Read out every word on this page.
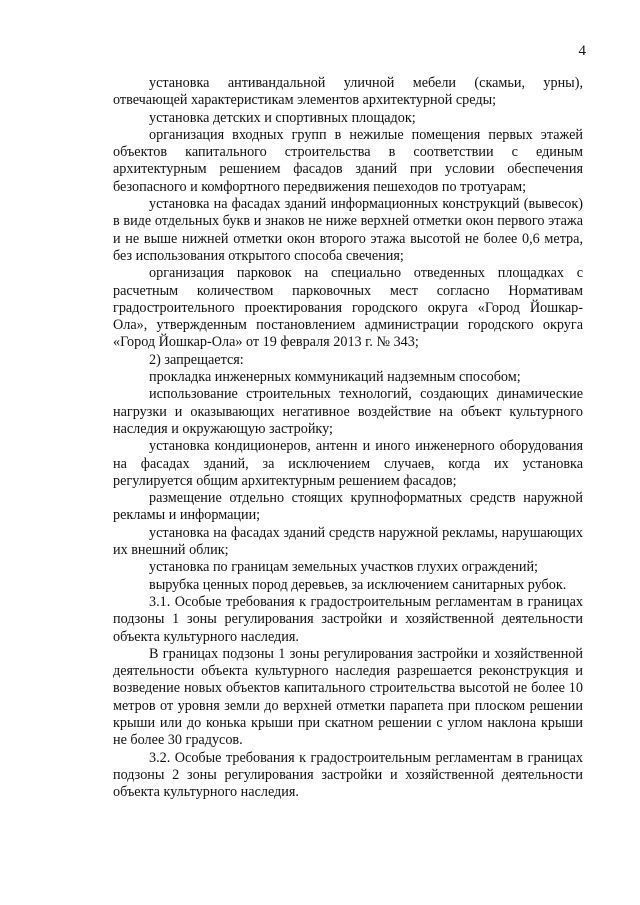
4

установка антивандальной уличной мебели (скамьи, урны), отвечающей характеристикам элементов архитектурной среды;

установка детских и спортивных площадок;

организация входных групп в нежилые помещения первых этажей объектов капитального строительства в соответствии с единым архитектурным решением фасадов зданий при условии обеспечения безопасного и комфортного передвижения пешеходов по тротуарам;

установка на фасадах зданий информационных конструкций (вывесок) в виде отдельных букв и знаков не ниже верхней отметки окон первого этажа и не выше нижней отметки окон второго этажа высотой не более 0,6 метра, без использования открытого способа свечения;

организация парковок на специально отведенных площадках с расчетным количеством парковочных мест согласно Нормативам градостроительного проектирования городского округа «Город Йошкар-Ола», утвержденным постановлением администрации городского округа «Город Йошкар-Ола» от 19 февраля 2013 г. № 343;

2) запрещается:

прокладка инженерных коммуникаций надземным способом;

использование строительных технологий, создающих динамические нагрузки и оказывающих негативное воздействие на объект культурного наследия и окружающую застройку;

установка кондиционеров, антенн и иного инженерного оборудования на фасадах зданий, за исключением случаев, когда их установка регулируется общим архитектурным решением фасадов;

размещение отдельно стоящих крупноформатных средств наружной рекламы и информации;

установка на фасадах зданий средств наружной рекламы, нарушающих их внешний облик;

установка по границам земельных участков глухих ограждений;

вырубка ценных пород деревьев, за исключением санитарных рубок.

3.1. Особые требования к градостроительным регламентам в границах подзоны 1 зоны регулирования застройки и хозяйственной деятельности объекта культурного наследия.

В границах подзоны 1 зоны регулирования застройки и хозяйственной деятельности объекта культурного наследия разрешается реконструкция и возведение новых объектов капитального строительства высотой не более 10 метров от уровня земли до верхней отметки парапета при плоском решении крыши или до конька крыши при скатном решении с углом наклона крыши не более 30 градусов.

3.2. Особые требования к градостроительным регламентам в границах подзоны 2 зоны регулирования застройки и хозяйственной деятельности объекта культурного наследия.
